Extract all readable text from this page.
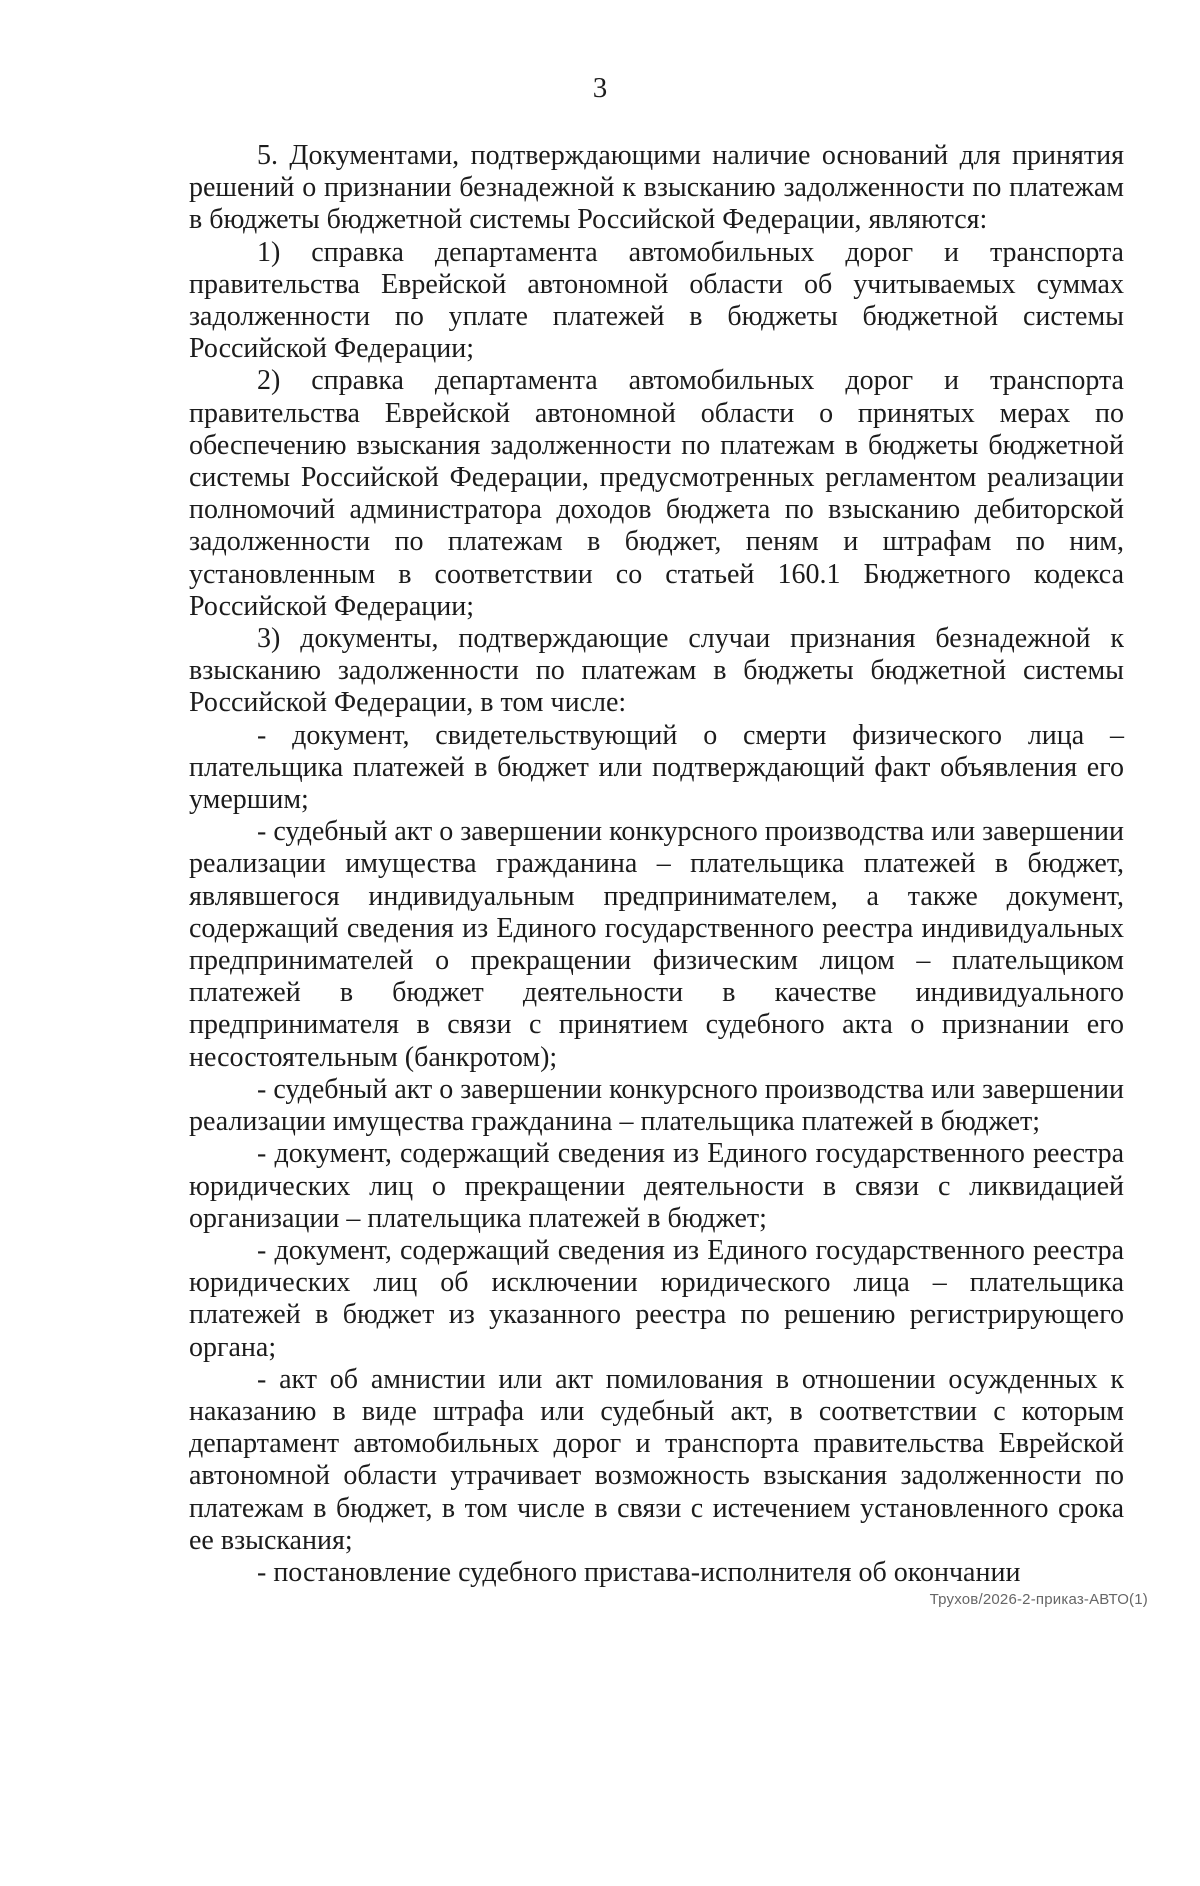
3

5. Документами, подтверждающими наличие оснований для принятия решений о признании безнадежной к взысканию задолженности по платежам в бюджеты бюджетной системы Российской Федерации, являются:

1) справка департамента автомобильных дорог и транспорта правительства Еврейской автономной области об учитываемых суммах задолженности по уплате платежей в бюджеты бюджетной системы Российской Федерации;

2) справка департамента автомобильных дорог и транспорта правительства Еврейской автономной области о принятых мерах по обеспечению взыскания задолженности по платежам в бюджеты бюджетной системы Российской Федерации, предусмотренных регламентом реализации полномочий администратора доходов бюджета по взысканию дебиторской задолженности по платежам в бюджет, пеням и штрафам по ним, установленным в соответствии со статьей 160.1 Бюджетного кодекса Российской Федерации;

3) документы, подтверждающие случаи признания безнадежной к взысканию задолженности по платежам в бюджеты бюджетной системы Российской Федерации, в том числе:

- документ, свидетельствующий о смерти физического лица – плательщика платежей в бюджет или подтверждающий факт объявления его умершим;

- судебный акт о завершении конкурсного производства или завершении реализации имущества гражданина – плательщика платежей в бюджет, являвшегося индивидуальным предпринимателем, а также документ, содержащий сведения из Единого государственного реестра индивидуальных предпринимателей о прекращении физическим лицом – плательщиком платежей в бюджет деятельности в качестве индивидуального предпринимателя в связи с принятием судебного акта о признании его несостоятельным (банкротом);

- судебный акт о завершении конкурсного производства или завершении реализации имущества гражданина – плательщика платежей в бюджет;

- документ, содержащий сведения из Единого государственного реестра юридических лиц о прекращении деятельности в связи с ликвидацией организации – плательщика платежей в бюджет;

- документ, содержащий сведения из Единого государственного реестра юридических лиц об исключении юридического лица – плательщика платежей в бюджет из указанного реестра по решению регистрирующего органа;

- акт об амнистии или акт помилования в отношении осужденных к наказанию в виде штрафа или судебный акт, в соответствии с которым департамент автомобильных дорог и транспорта правительства Еврейской автономной области утрачивает возможность взыскания задолженности по платежам в бюджет, в том числе в связи с истечением установленного срока ее взыскания;

- постановление судебного пристава-исполнителя об окончании

Трухов/2026-2-приказ-АВТО(1)
